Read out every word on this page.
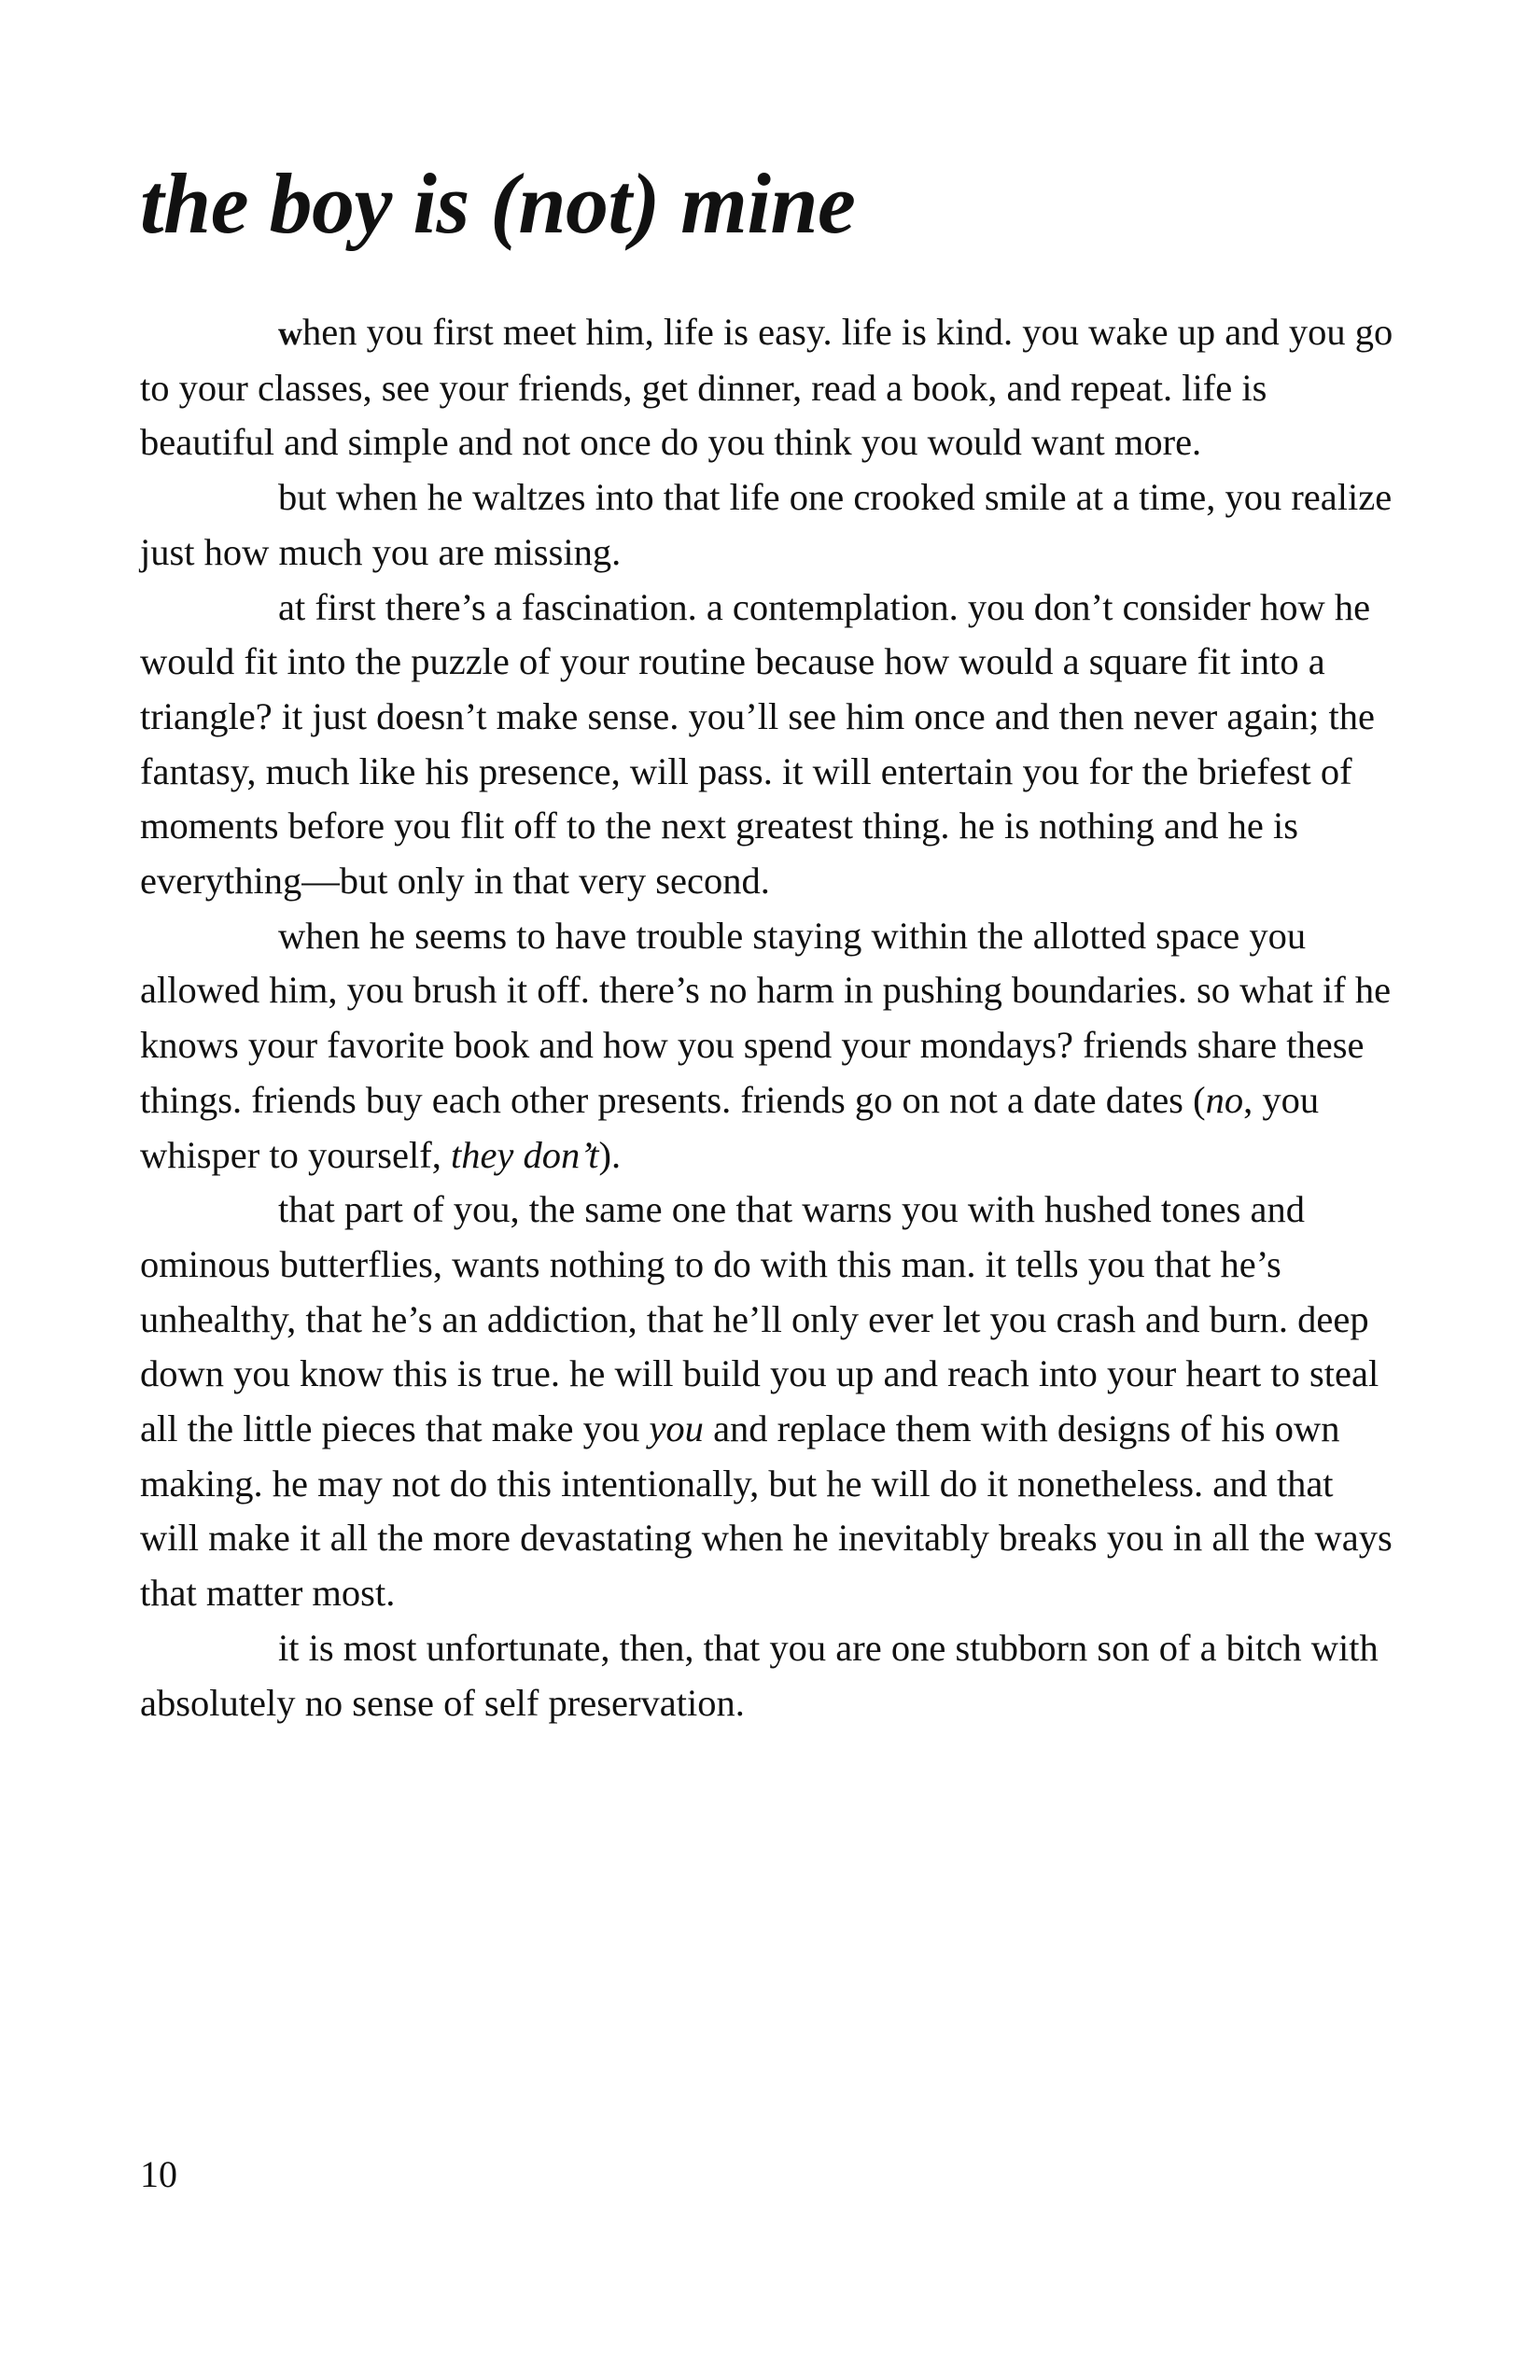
the boy is (not) mine

when you first meet him, life is easy. life is kind. you wake up and you go to your classes, see your friends, get dinner, read a book, and repeat. life is beautiful and simple and not once do you think you would want more.

but when he waltzes into that life one crooked smile at a time, you realize just how much you are missing.

at first there’s a fascination. a contemplation. you don’t consider how he would fit into the puzzle of your routine because how would a square fit into a triangle? it just doesn’t make sense. you’ll see him once and then never again; the fantasy, much like his presence, will pass. it will entertain you for the briefest of moments before you flit off to the next greatest thing. he is nothing and he is everything—but only in that very second.

when he seems to have trouble staying within the allotted space you allowed him, you brush it off. there’s no harm in pushing boundaries. so what if he knows your favorite book and how you spend your mondays? friends share these things. friends buy each other presents. friends go on not a date dates (no, you whisper to yourself, they don’t).

that part of you, the same one that warns you with hushed tones and ominous butterflies, wants nothing to do with this man. it tells you that he’s unhealthy, that he’s an addiction, that he’ll only ever let you crash and burn. deep down you know this is true. he will build you up and reach into your heart to steal all the little pieces that make you you and replace them with designs of his own making. he may not do this intentionally, but he will do it nonetheless. and that will make it all the more devastating when he inevitably breaks you in all the ways that matter most.

it is most unfortunate, then, that you are one stubborn son of a bitch with absolutely no sense of self preservation.

10
